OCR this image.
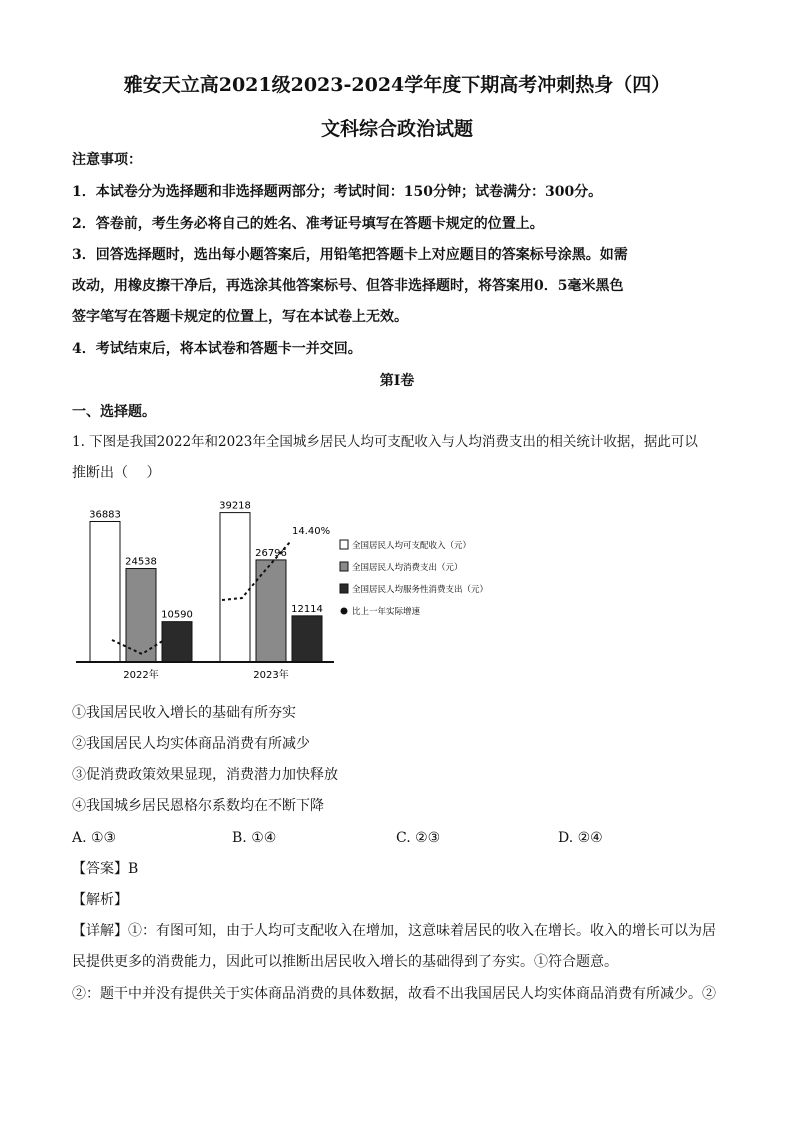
雅安天立高2021级2023-2024学年度下期高考冲刺热身（四）
文科综合政治试题
注意事项：
1．本试卷分为选择题和非选择题两部分；考试时间：150分钟；试卷满分：300分。
2．答卷前，考生务必将自己的姓名、准考证号填写在答题卡规定的位置上。
3．回答选择题时，选出每小题答案后，用铅笔把答题卡上对应题目的答案标号涂黑。如需
改动，用橡皮擦干净后，再选涂其他答案标号、但答非选择题时，将答案用0．5毫米黑色
签字笔写在答题卡规定的位置上，写在本试卷上无效。
4．考试结束后，将本试卷和答题卡一并交回。
第Ⅰ卷
一、选择题。
1. 下图是我国2022年和2023年全国城乡居民人均可支配收入与人均消费支出的相关统计收据，据此可以
推断出（　 ）
36883
24538
10590
39218
26796
12114
2022年	2023年
全国居民人均可支配收入（元）
全国居民人均消费支出（元）
全国居民人均服务性消费支出（元）
比上一年实际增速
14.40%
①我国居民收入增长的基础有所夯实
②我国居民人均实体商品消费有所减少
③促消费政策效果显现，消费潜力加快释放
④我国城乡居民恩格尔系数均在不断下降
A. ①③	B. ①④	C. ②③	D. ②④
【答案】B
【解析】
【详解】①：有图可知，由于人均可支配收入在增加，这意味着居民的收入在增长。收入的增长可以为居
民提供更多的消费能力，因此可以推断出居民收入增长的基础得到了夯实。①符合题意。
②：题干中并没有提供关于实体商品消费的具体数据，故看不出我国居民人均实体商品消费有所减少。②
